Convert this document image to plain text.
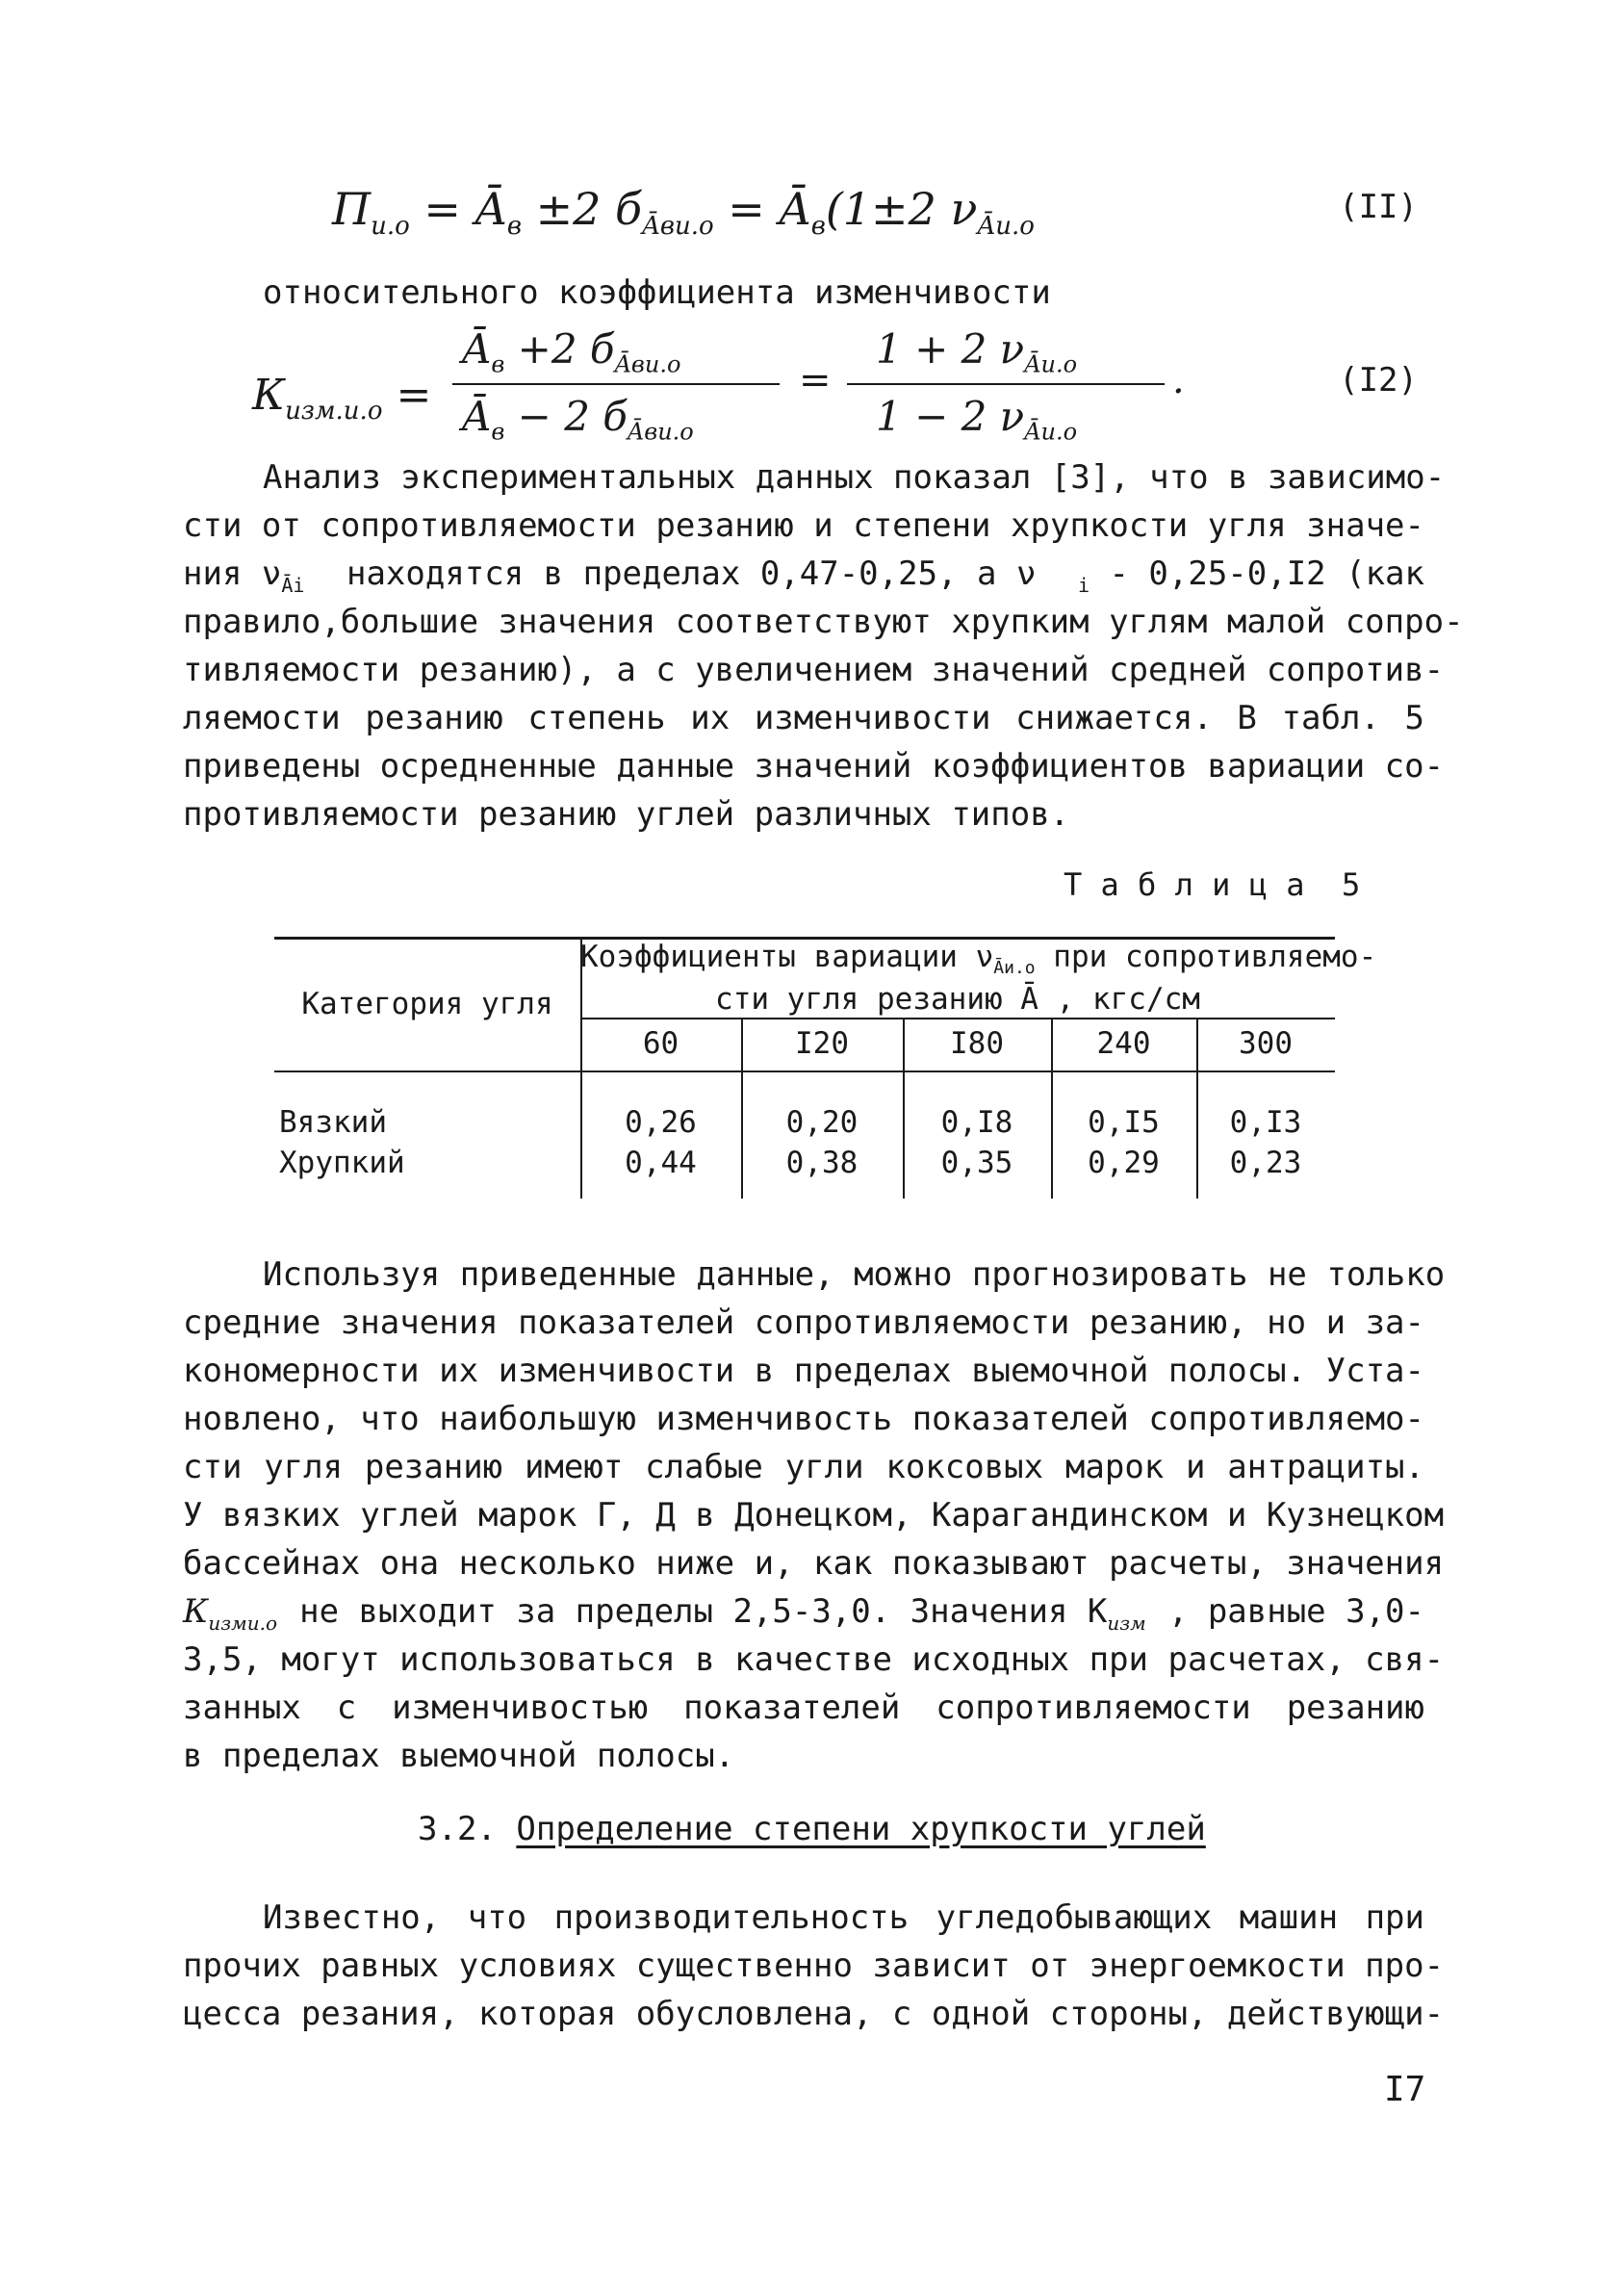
$П_{и.о}$ = $Ā_в \pm 2$ $б_{Āви.о}$ = $Ā_в(1\pm 2$ $\nu_{Āи.о}$
(II)
относительного коэффициента изменчивости
$К_{изм.и.о}$ =
$Ā_в +2$ $б_{Āви.о}$
$Ā_в - 2$ $б_{Āви.о}$
=
1 + 2 $\nu_{Āи.о}$
1 − 2 $\nu_{Āи.о}$
.	(I2)
Анализ экспериментальных данных показал [3], что в зависимо-
сти от сопротивляемости резанию и степени хрупкости угля значе-
ния $\nu_{Āi}$ находятся в пределах 0,47-0,25, а ν $_i$ - 0,25-0,I2 (как
правило,большие значения соответствуют хрупким углям малой сопро-
тивляемости резанию), а с увеличением значений средней сопротив-
ляемости резанию степень их изменчивости снижается. В табл. 5
приведены осредненные данные значений коэффициентов вариации со-
противляемости резанию углей различных типов.
Т а б л и ц а  5
Категория угля
Коэффициенты вариации $\nu_{Āи.о}$ при сопротивляемо-
сти угля резанию Ā , кгс/см
60	I20	I80	240	300
Вязкий	0,26	0,20	0,I8	0,I5	0,I3
Хрупкий	0,44	0,38	0,35	0,29	0,23
Используя приведенные данные, можно прогнозировать не только
средние значения показателей сопротивляемости резанию, но и за-
кономерности их изменчивости в пределах выемочной полосы. Уста-
новлено, что наибольшую изменчивость показателей сопротивляемо-
сти угля резанию имеют слабые угли коксовых марок и антрациты.
У вязких углей марок Г, Д в Донецком, Карагандинском и Кузнецком
бассейнах она несколько ниже и, как показывают расчеты, значения
$К_{изми.о}$ не выходит за пределы 2,5-3,0. Значения $К_{изм}$ , равные 3,0-
3,5, могут использоваться в качестве исходных при расчетах, свя-
занных с изменчивостью показателей сопротивляемости резанию
в пределах выемочной полосы.
3.2. Определение степени хрупкости углей
Известно, что производительность угледобывающих машин при
прочих равных условиях существенно зависит от энергоемкости про-
цесса резания, которая обусловлена, с одной стороны, действующи-
I7
